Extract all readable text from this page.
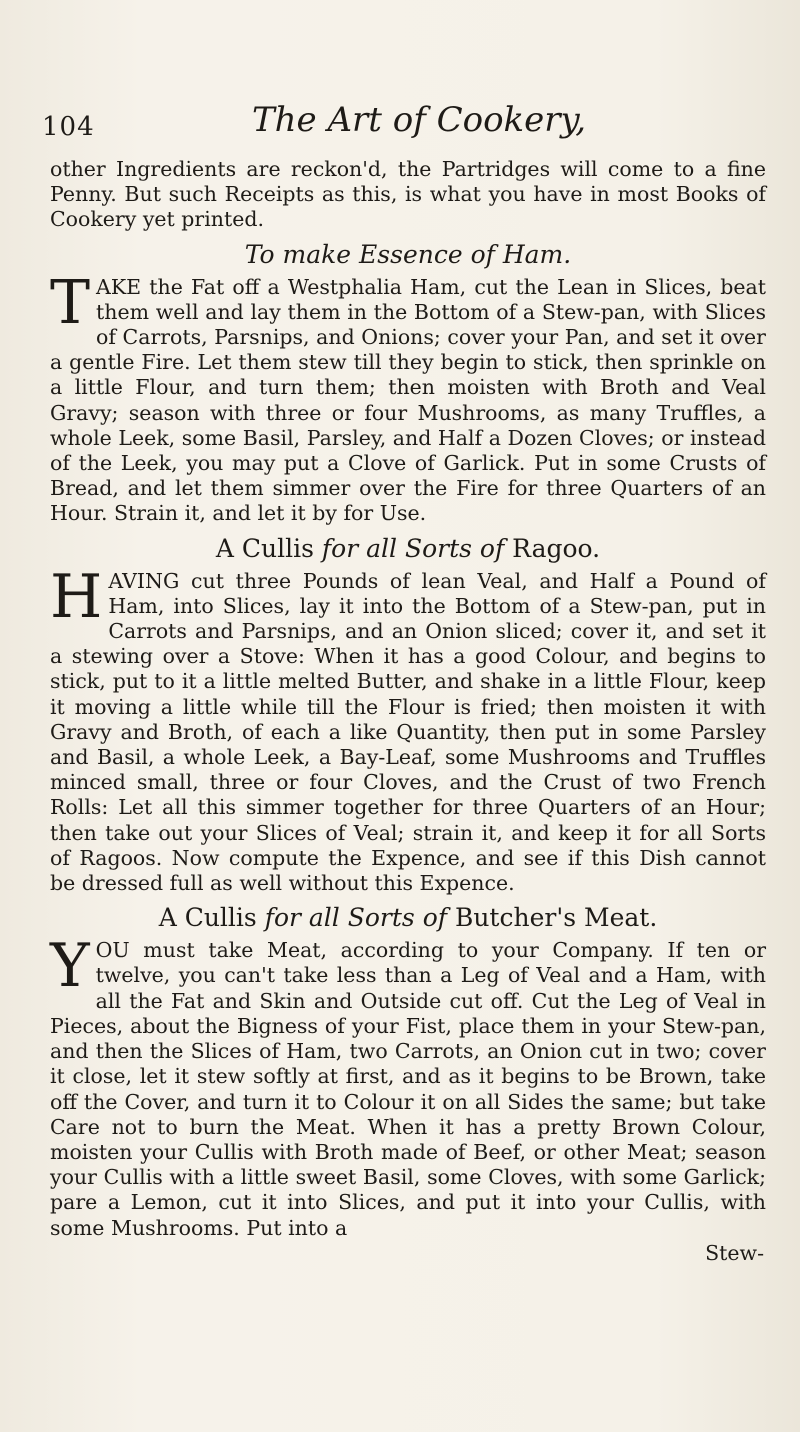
104	The Art of Cookery,

other Ingredients are reckon'd, the Partridges will come to a fine Penny. But such Receipts as this, is what you have in most Books of Cookery yet printed.

To make Essence of Ham.

TAKE the Fat off a Westphalia Ham, cut the Lean in Slices, beat them well and lay them in the Bottom of a Stew-pan, with Slices of Carrots, Parsnips, and Onions; cover your Pan, and set it over a gentle Fire. Let them stew till they begin to stick, then sprinkle on a little Flour, and turn them; then moisten with Broth and Veal Gravy; season with three or four Mushrooms, as many Truffles, a whole Leek, some Basil, Parsley, and Half a Dozen Cloves; or instead of the Leek, you may put a Clove of Garlick. Put in some Crusts of Bread, and let them simmer over the Fire for three Quarters of an Hour. Strain it, and let it by for Use.

A Cullis for all Sorts of Ragoo.

HAVING cut three Pounds of lean Veal, and Half a Pound of Ham, into Slices, lay it into the Bottom of a Stew-pan, put in Carrots and Parsnips, and an Onion sliced; cover it, and set it a stewing over a Stove: When it has a good Colour, and begins to stick, put to it a little melted Butter, and shake in a little Flour, keep it moving a little while till the Flour is fried; then moisten it with Gravy and Broth, of each a like Quantity, then put in some Parsley and Basil, a whole Leek, a Bay-Leaf, some Mushrooms and Truffles minced small, three or four Cloves, and the Crust of two French Rolls: Let all this simmer together for three Quarters of an Hour; then take out your Slices of Veal; strain it, and keep it for all Sorts of Ragoos. Now compute the Expence, and see if this Dish cannot be dressed full as well without this Expence.

A Cullis for all Sorts of Butcher's Meat.

YOU must take Meat, according to your Company. If ten or twelve, you can't take less than a Leg of Veal and a Ham, with all the Fat and Skin and Outside cut off. Cut the Leg of Veal in Pieces, about the Bigness of your Fist, place them in your Stew-pan, and then the Slices of Ham, two Carrots, an Onion cut in two; cover it close, let it stew softly at first, and as it begins to be Brown, take off the Cover, and turn it to Colour it on all Sides the same; but take Care not to burn the Meat. When it has a pretty Brown Colour, moisten your Cullis with Broth made of Beef, or other Meat; season your Cullis with a little sweet Basil, some Cloves, with some Garlick; pare a Lemon, cut it into Slices, and put it into your Cullis, with some Mushrooms. Put into a

Stew-
